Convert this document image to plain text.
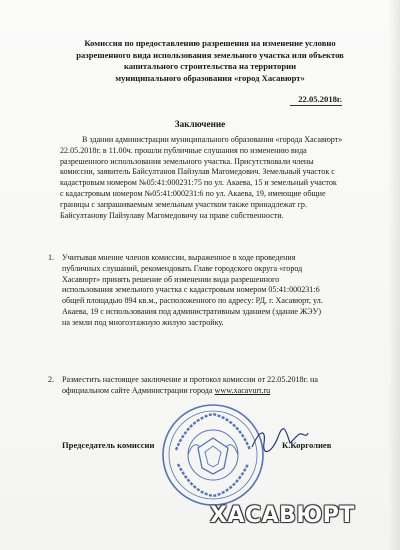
Комиссия по предоставлению разрешения на изменение условно
разрешенного вида использования земельного участка или объектов
капитального строительства на территории
муниципального образования «город Хасавюрт»
22.05.2018г.
Заключение

В здании администрации муниципального образования «города Хасавюрт»
22.05.2018г. в 11.00ч. прошли публичные слушания по изменению вида
разрешенного использования земельного участка. Присутствовали члены
комиссии, заявитель Байсултанов Пайзулав Магомедович. Земельный участок с
кадастровым номером №05:41:000231:75 по ул. Акаева, 15 и земельный участок
с кадастровым номером №05:41:000231:6 по ул. Акаева, 19, имеющие общие
границы с запрашиваемым земельным участком также принадлежат гр.
Байсултанову Пайзулаву Магомедовичу на праве собственности.

1. Учитывая мнение членов комиссии, выраженное в ходе проведения
публичных слушаний, рекомендовать Главе городского округа «город
Хасавюрт» принять решение об изменении вида разрешенного
использования земельного участка с кадастровым номером 05:41:000231:6
общей площадью 894 кв.м., расположенного по адресу: РД, г. Хасавюрт, ул.
Акаева, 19 с использования под административным зданием (здание ЖЭУ)
на земли под многоэтажную жилую застройку.
2. Разместить настоящее заключение и протокол комиссии от 22.05.2018г. на
официальном сайте Администрации города www.xacavurt.ru
Председатель комиссии	К.Корголиев
ХАСАВЮРТ
